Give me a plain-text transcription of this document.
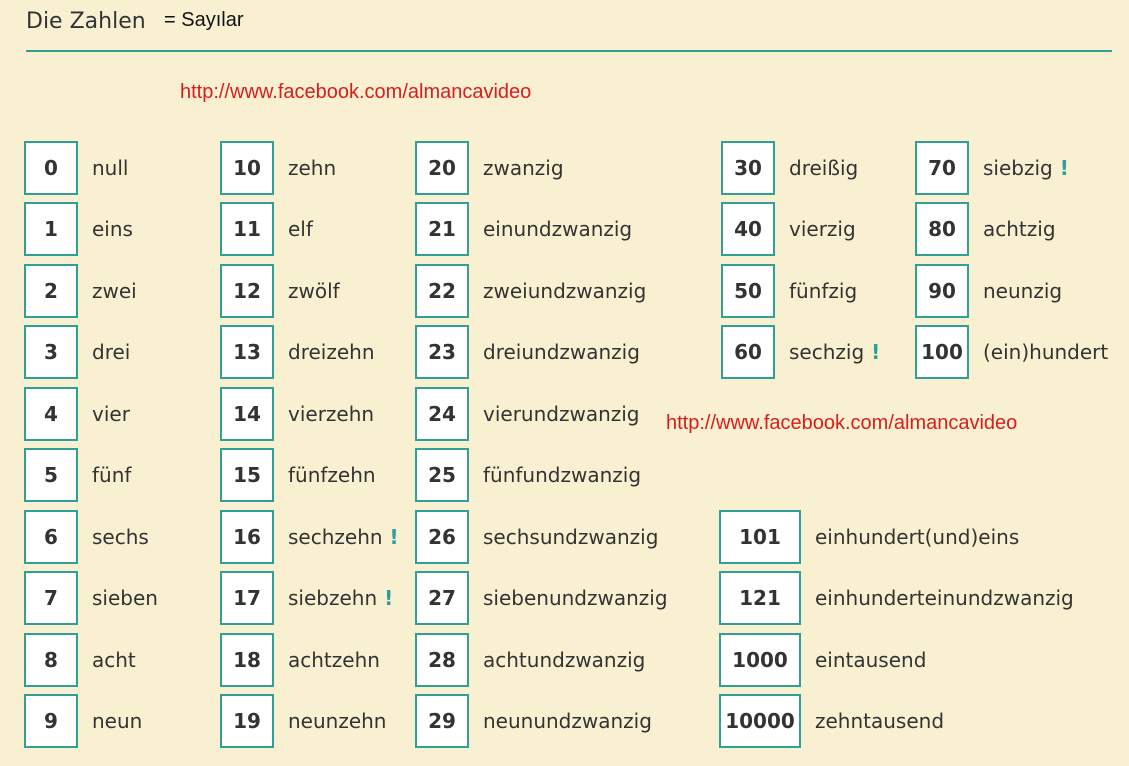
Die Zahlen = Sayılar
http://www.facebook.com/almancavideo
http://www.facebook.com/almancavideo
0	null
1	eins
2	zwei
3	drei
4	vier
5	fünf
6	sechs
7	sieben
8	acht
9	neun
10	zehn
11	elf
12	zwölf
13	dreizehn
14	vierzehn
15	fünfzehn
16	sechzehn !
17	siebzehn !
18	achtzehn
19	neunzehn
20	zwanzig
21	einundzwanzig
22	zweiundzwanzig
23	dreiundzwanzig
24	vierundzwanzig
25	fünfundzwanzig
26	sechsundzwanzig
27	siebenundzwanzig
28	achtundzwanzig
29	neunundzwanzig
30	dreißig
40	vierzig
50	fünfzig
60	sechzig !
70	siebzig !
80	achtzig
90	neunzig
100	(ein)hundert
101	einhundert(und)eins
121	einhunderteinundzwanzig
1000	eintausend
10000	zehntausend
